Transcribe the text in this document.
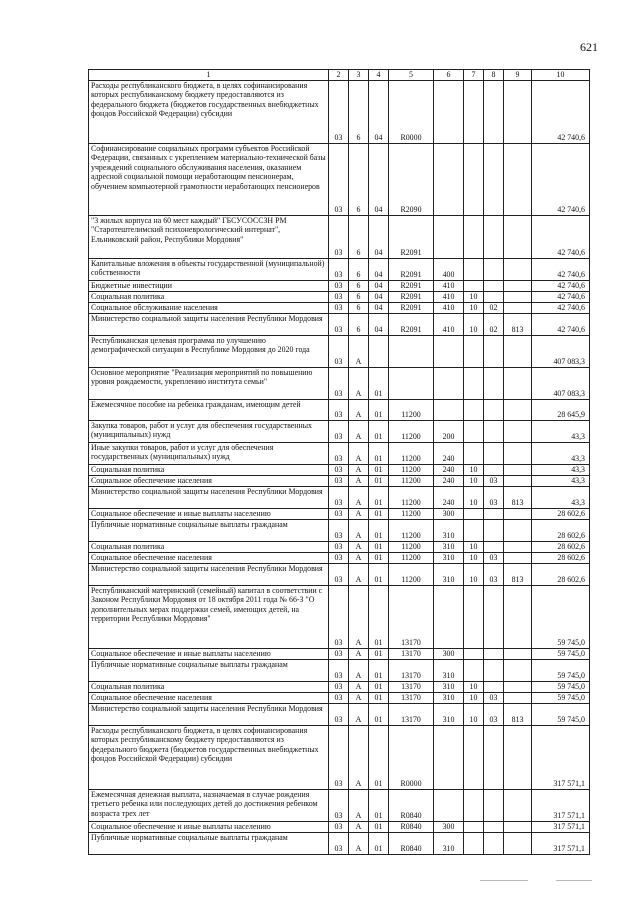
621
1	2	3	4	5	6	7	8	9	10
Расходы республиканского бюджета, в целях софинансирования которых республиканскому бюджету предоставляются из федерального бюджета (бюджетов государственных внебюджетных фондов Российской Федерации) субсидии	03	6	04	R0000					42 740,6
Софинансирование социальных программ субъектов Российской Федерации, связанных с укреплением материально-технической базы учреждений социального обслуживания населения, оказанием адресной социальной помощи неработающим пенсионерам, обучением компьютерной грамотности неработающих пенсионеров	03	6	04	R2090					42 740,6
"3 жилых корпуса на 60 мест каждый" ГБСУСОССЗН РМ "Старотештелимский психоневрологический интернат", Ельниковский район, Республики Мордовия"	03	6	04	R2091					42 740,6
Капитальные вложения в объекты государственной (муниципальной) собственности	03	6	04	R2091	400				42 740,6
Бюджетные инвестиции	03	6	04	R2091	410				42 740,6
Социальная политика	03	6	04	R2091	410	10			42 740,6
Социальное обслуживание населения	03	6	04	R2091	410	10	02		42 740,6
Министерство социальной защиты населения Республики Мордовия	03	6	04	R2091	410	10	02	813	42 740,6
Республиканская целевая программа по улучшению демографической ситуации в Республике Мордовия до 2020 года	03	А							407 083,3
Основное мероприятие "Реализация мероприятий по повышению уровня рождаемости, укреплению института семьи"	03	А	01						407 083,3
Ежемесячное пособие на ребенка гражданам, имеющим детей	03	А	01	11200					28 645,9
Закупка товаров, работ и услуг для обеспечения государственных (муниципальных) нужд	03	А	01	11200	200				43,3
Иные закупки товаров, работ и услуг для обеспечения государственных (муниципальных) нужд	03	А	01	11200	240				43,3
Социальная политика	03	А	01	11200	240	10			43,3
Социальное обеспечение населения	03	А	01	11200	240	10	03		43,3
Министерство социальной защиты населения Республики Мордовия	03	А	01	11200	240	10	03	813	43,3
Социальное обеспечение и иные выплаты населению	03	А	01	11200	300				28 602,6
Публичные нормативные социальные выплаты гражданам	03	А	01	11200	310				28 602,6
Социальная политика	03	А	01	11200	310	10			28 602,6
Социальное обеспечение населения	03	А	01	11200	310	10	03		28 602,6
Министерство социальной защиты населения Республики Мордовия	03	А	01	11200	310	10	03	813	28 602,6
Республиканский материнский (семейный) капитал в соответствии с Законом Республики Мордовия от 18 октября 2011 года № 66-З "О дополнительных мерах поддержки семей, имеющих детей, на территории Республики Мордовия"	03	А	01	13170					59 745,0
Социальное обеспечение и иные выплаты населению	03	А	01	13170	300				59 745,0
Публичные нормативные социальные выплаты гражданам	03	А	01	13170	310				59 745,0
Социальная политика	03	А	01	13170	310	10			59 745,0
Социальное обеспечение населения	03	А	01	13170	310	10	03		59 745,0
Министерство социальной защиты населения Республики Мордовия	03	А	01	13170	310	10	03	813	59 745,0
Расходы республиканского бюджета, в целях софинансирования которых республиканскому бюджету предоставляются из федерального бюджета (бюджетов государственных внебюджетных фондов Российской Федерации) субсидии	03	А	01	R0000					317 571,1
Ежемесячная денежная выплата, назначаемая в случае рождения третьего ребенка или последующих детей до достижения ребенком возраста трех лет	03	А	01	R0840					317 571,1
Социальное обеспечение и иные выплаты населению	03	А	01	R0840	300				317 571,1
Публичные нормативные социальные выплаты гражданам	03	А	01	R0840	310				317 571,1
